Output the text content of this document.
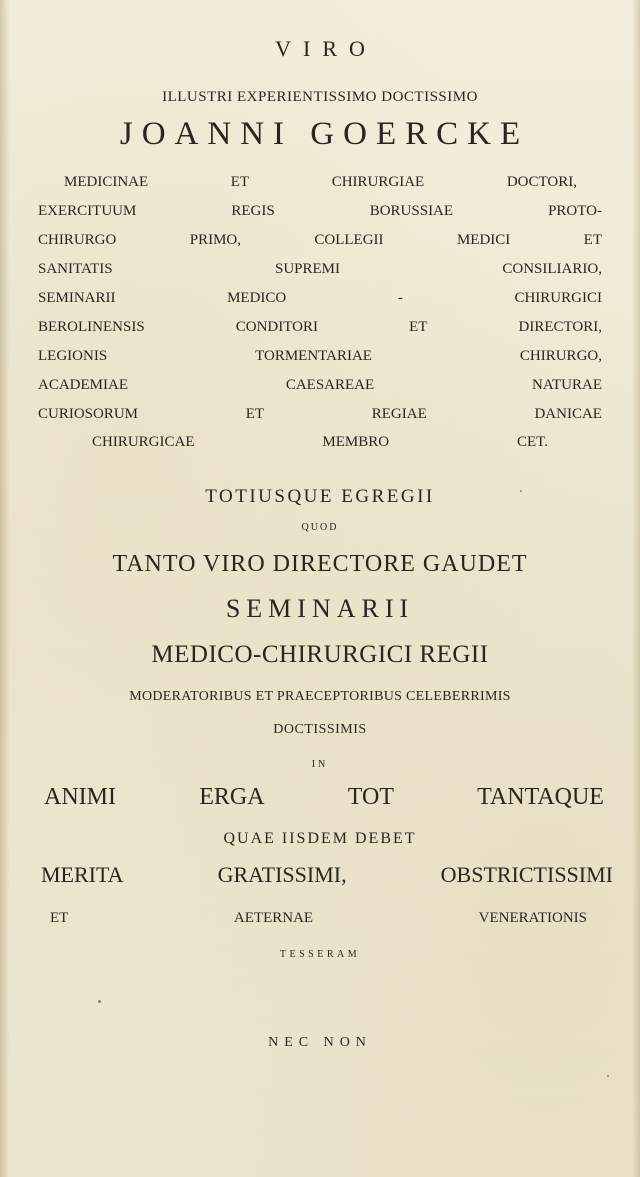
VIRO
ILLUSTRI EXPERIENTISSIMO DOCTISSIMO
JOANNI GOERCKE
MEDICINAE	ET	CHIRURGIAE	DOCTORI,
EXERCITUUM	REGIS	BORUSSIAE	PROTO-
CHIRURGO	PRIMO,	COLLEGII	MEDICI	ET
SANITATIS	SUPREMI	CONSILIARIO,
SEMINARII	MEDICO	-	CHIRURGICI
BEROLINENSIS	CONDITORI	ET	DIRECTORI,
LEGIONIS	TORMENTARIAE	CHIRURGO,
ACADEMIAE	CAESAREAE	NATURAE
CURIOSORUM	ET	REGIAE	DANICAE
CHIRURGICAE	MEMBRO	CET.
TOTIUSQUE EGREGII
QUOD
TANTO VIRO DIRECTORE GAUDET
SEMINARII
MEDICO-CHIRURGICI REGII
MODERATORIBUS ET PRAECEPTORIBUS CELEBERRIMIS
DOCTISSIMIS
IN
ANIMI	ERGA	TOT	TANTAQUE
QUAE IISDEM DEBET
MERITA	GRATISSIMI,	OBSTRICTISSIMI
ET	AETERNAE	VENERATIONIS
TESSERAM
NEC NON
